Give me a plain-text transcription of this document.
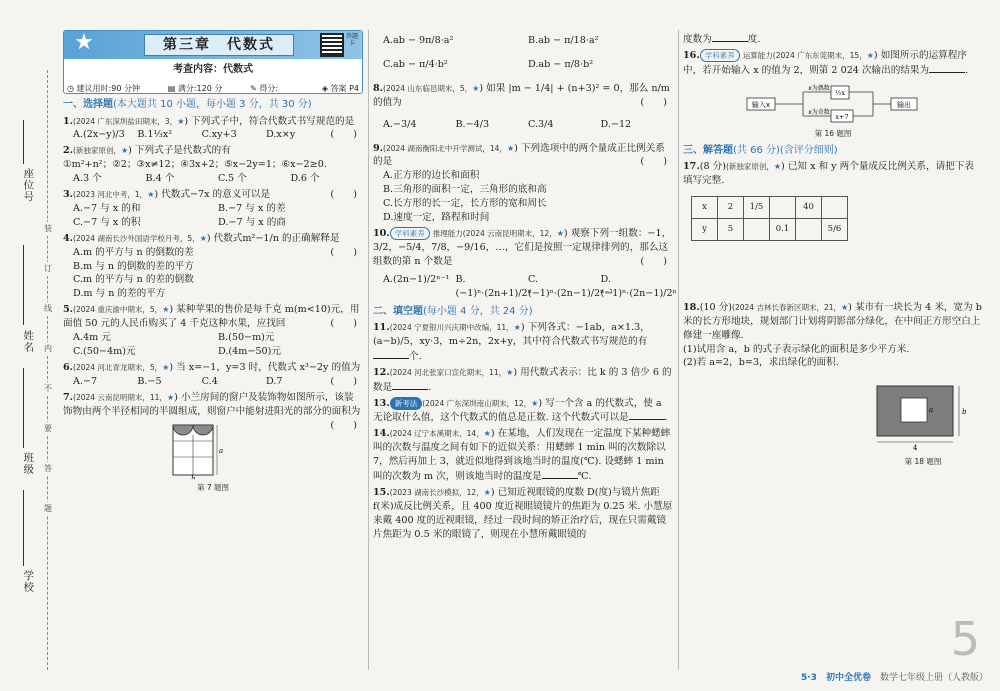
座位号
姓名
班级
学校
装
订
线
内
不
要
答
题
★	第三章　代数式
答题卡
考查内容：代数式
◷ 建议用时:90 分钟	▤ 满分:120 分	✎ 得分:　　	◈ 答案 P4
一、选择题(本大题共 10 小题，每小题 3 分，共 30 分)
1.(2024 广东深圳盐田期末，3，★) 下列式子中，符合代数式书写规范的是
(　　)
A.(2x−y)/3	B.1⅓x²	C.xy+3	D.x×y
2.(新独家原创，★) 下列式子是代数式的有
①m²+n²；②2；③x≠12；④3x+2；⑤x−2y=1；⑥x−2≥0.
A.3 个	B.4 个	C.5 个	D.6 个
3.(2023 河北中考，1，★) 代数式−7x 的意义可以是	(　　)
A.−7 与 x 的和	B.−7 与 x 的差
C.−7 与 x 的积	D.−7 与 x 的商
4.(2024 湖南长沙外国语学校月考，5，★) 代数式m²−1/n 的正确解释是
(　　)
A.m 的平方与 n 的倒数的差
B.m 与 n 的倒数的差的平方
C.m 的平方与 n 的差的倒数
D.m 与 n 的差的平方
5.(2024 重庆渝中期末，5，★) 某种苹果的售价是每千克 m(m<10)元，用面值 50 元的人民币购买了 4 千克这种水果，应找回	(　　)
A.4m 元	B.(50−m)元
C.(50−4m)元	D.(4m−50)元
6.(2024 河北青龙期末，5，★) 当 x=−1，y=3 时，代数式 x³−2y 的值为
(　　)
A.−7	B.−5	C.4	D.7
7.(2024 云南昆明期末，11，★) 小兰房间的窗户及装饰物如图所示，该装饰物由两个半径相同的半圆组成，则窗户中能射进阳光的部分的面积为
(　　)
a
b
第 7 题图
A.ab − 9π/8·a²	B.ab − π/18·a²
C.ab − π/4·b²	D.ab − π/8·b²
8.(2024 山东临邑期末，5，★) 如果 |m − 1/4| + (n+3)² = 0，那么 n/m 的值为	(　　)
A.−3/4	B.−4/3	C.3/4	D.−12
9.(2024 湖南衡阳北中开学测试，14，★) 下列选项中的两个量成正比例关系的是	(　　)
A.正方形的边长和面积
B.三角形的面积一定，三角形的底和高
C.长方形的长一定，长方形的宽和周长
D.速度一定，路程和时间
10. 学科素养 推理能力(2024 云南昆明期末，12，★) 观察下列一组数：−1，3/2，−5/4，7/8，−9/16，…，它们是按照一定规律排列的，那么这组数的第 n 个数是	(　　)
A.(2n−1)/2ⁿ⁻¹ B.(−1)ⁿ·(2n+1)/2ⁿ
C.(−1)ⁿ·(2n−1)/2ⁿ⁻¹
D.(−1)ⁿ·(2n−1)/2ⁿ
二、填空题(每小题 4 分，共 24 分)
11.(2024 宁夏银川兴庆期中改编，11，★) 下列各式：−1ab，a×1.3，(a−b)/5，xy·3，m÷2n，2x+y，其中符合代数式书写规范的有个.
12.(2024 河北张家口宣化期末，11，★) 用代数式表示：比 k 的 3 倍少 6 的数是	.
13. 新考法 (2024 广东深圳南山期末，12，★) 写一个含 a 的代数式，使 a 无论取什么值，这个代数式的值总是正数. 这个代数式可以是	.
14.(2024 辽宁本溪期末，14，★) 在某地，人们发现在一定温度下某种蟋蟀叫的次数与温度之间有如下的近似关系：用蟋蟀 1 min 叫的次数除以 7，然后再加上 3，就近似地得到该地当时的温度(℃). 设蟋蟀 1 min 叫的次数为 m 次，则该地当时的温度是	℃.
15.(2023 湖南长沙模拟，12，★) 已知近视眼镜的度数 D(度)与镜片焦距 f(米)成反比例关系，且 400 度近视眼镜镜片的焦距为 0.25 米. 小慧原来戴 400 度的近视眼镜，经过一段时间的矫正治疗后，现在只需戴镜片焦距为 0.5 米的眼镜了，则现在小慧所戴眼镜的
度数为	度.
16. 学科素养 运算能力(2024 广东东莞期末，15，★) 如图所示的运算程序中，若开始输入 x 的值为 2，则第 2 024 次输出的结果为	.
输入x
x为偶数
x为奇数
½x
x+7
输出
第 16 题图
三、解答题(共 66 分)(含评分细则)
17.(8 分)(新独家原创，★) 已知 x 和 y 两个量成反比例关系，请把下表填写完整.
x	2	1/5		40	
y	5		0.1		5/6
18.(10 分)(2024 吉林长春新区期末，21，★) 某市有一块长为 4 米，宽为 b 米的长方形地块，规划部门计划将阴影部分绿化，在中间正方形空白上修建一座雕像.
(1)试用含 a，b 的式子表示绿化的面积是多少平方米.
(2)若 a=2，b=3，求出绿化的面积.
b
a
4
第 18 题图
5
5·3　 初中全优卷　 数学七年级上册（人教版）
